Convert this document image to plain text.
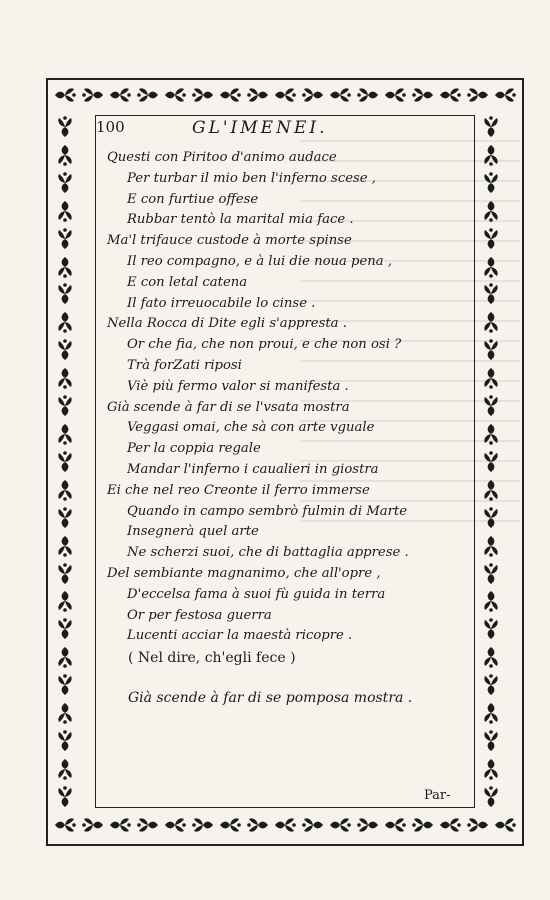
100	GL'IMENEI.
Questi con Piritoo d'animo audace
Per turbar il mio ben l'inferno scese ,
E con furtiue offese
Rubbar tentò la marital mia face .
Ma'l trifauce custode à morte spinse
Il reo compagno, e à lui die noua pena ,
E con letal catena
Il fato irreuocabile lo cinse .
Nella Rocca di Dite egli s'appresta .
Or che fia, che non proui, e che non osi ?
Trà forZati riposi
Viè più fermo valor si manifesta .
Già scende à far di se l'vsata mostra
Veggasi omai, che sà con arte vguale
Per la coppia regale
Mandar l'inferno i caualieri in giostra
Ei che nel reo Creonte il ferro immerse
Quando in campo sembrò fulmin di Marte
Insegnerà quel arte
Ne scherzi suoi, che di battaglia apprese .
Del sembiante magnanimo, che all'opre ,
D'eccelsa fama à suoi fù guida in terra
Or per festosa guerra
Lucenti acciar la maestà ricopre .
( Nel dire, ch'egli fece )
Già scende à far di se pomposa mostra .
Par-
